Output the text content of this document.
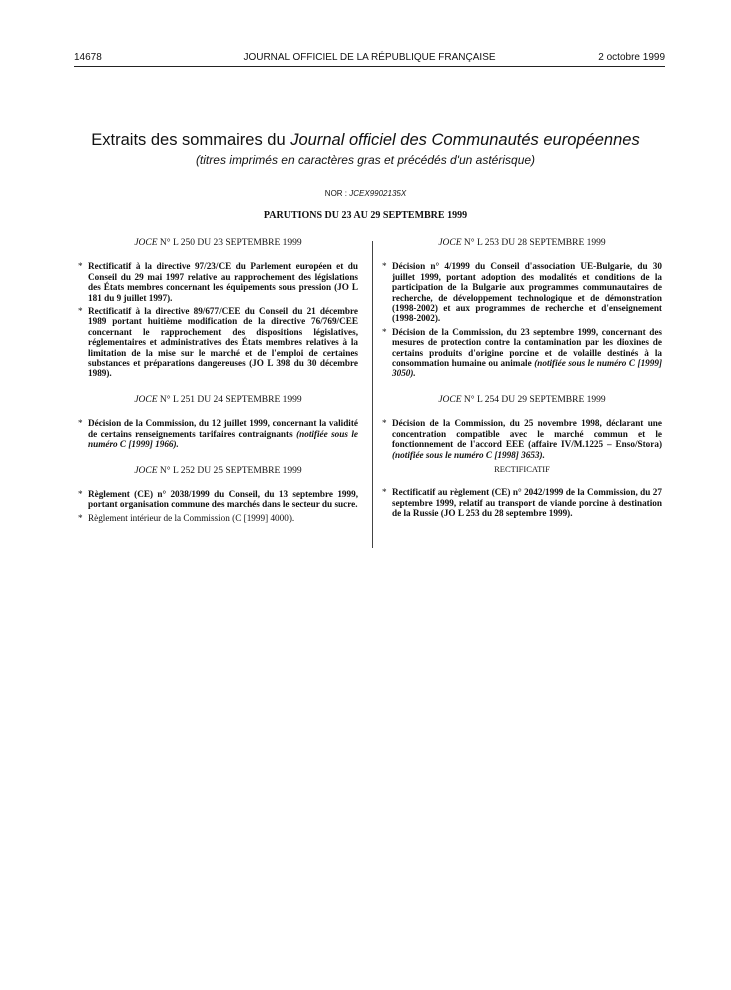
14678	JOURNAL OFFICIEL DE LA RÉPUBLIQUE FRANÇAISE	2 octobre 1999
Extraits des sommaires du Journal officiel des Communautés européennes
(titres imprimés en caractères gras et précédés d'un astérisque)
NOR : JCEX9902135X
PARUTIONS DU 23 AU 29 SEPTEMBRE 1999
JOCE N° L 250 DU 23 SEPTEMBRE 1999
* Rectificatif à la directive 97/23/CE du Parlement européen et du Conseil du 29 mai 1997 relative au rapprochement des législations des États membres concernant les équipements sous pression (JO L 181 du 9 juillet 1997).
* Rectificatif à la directive 89/677/CEE du Conseil du 21 décembre 1989 portant huitième modification de la directive 76/769/CEE concernant le rapprochement des dispositions législatives, réglementaires et administratives des États membres relatives à la limitation de la mise sur le marché et de l'emploi de certaines substances et préparations dangereuses (JO L 398 du 30 décembre 1989).
JOCE N° L 251 DU 24 SEPTEMBRE 1999
* Décision de la Commission, du 12 juillet 1999, concernant la validité de certains renseignements tarifaires contraignants (notifiée sous le numéro C [1999] 1966).
JOCE N° L 252 DU 25 SEPTEMBRE 1999
* Règlement (CE) n° 2038/1999 du Conseil, du 13 septembre 1999, portant organisation commune des marchés dans le secteur du sucre.
* Règlement intérieur de la Commission (C [1999] 4000).
JOCE N° L 253 DU 28 SEPTEMBRE 1999
* Décision n° 4/1999 du Conseil d'association UE-Bulgarie, du 30 juillet 1999, portant adoption des modalités et conditions de la participation de la Bulgarie aux programmes communautaires de recherche, de développement technologique et de démonstration (1998-2002) et aux programmes de recherche et d'enseignement (1998-2002).
* Décision de la Commission, du 23 septembre 1999, concernant des mesures de protection contre la contamination par les dioxines de certains produits d'origine porcine et de volaille destinés à la consommation humaine ou animale (notifiée sous le numéro C [1999] 3050).
JOCE N° L 254 DU 29 SEPTEMBRE 1999
* Décision de la Commission, du 25 novembre 1998, déclarant une concentration compatible avec le marché commun et le fonctionnement de l'accord EEE (affaire IV/M.1225 – Enso/Stora) (notifiée sous le numéro C [1998] 3653).
RECTIFICATIF
* Rectificatif au règlement (CE) n° 2042/1999 de la Commission, du 27 septembre 1999, relatif au transport de viande porcine à destination de la Russie (JO L 253 du 28 septembre 1999).
